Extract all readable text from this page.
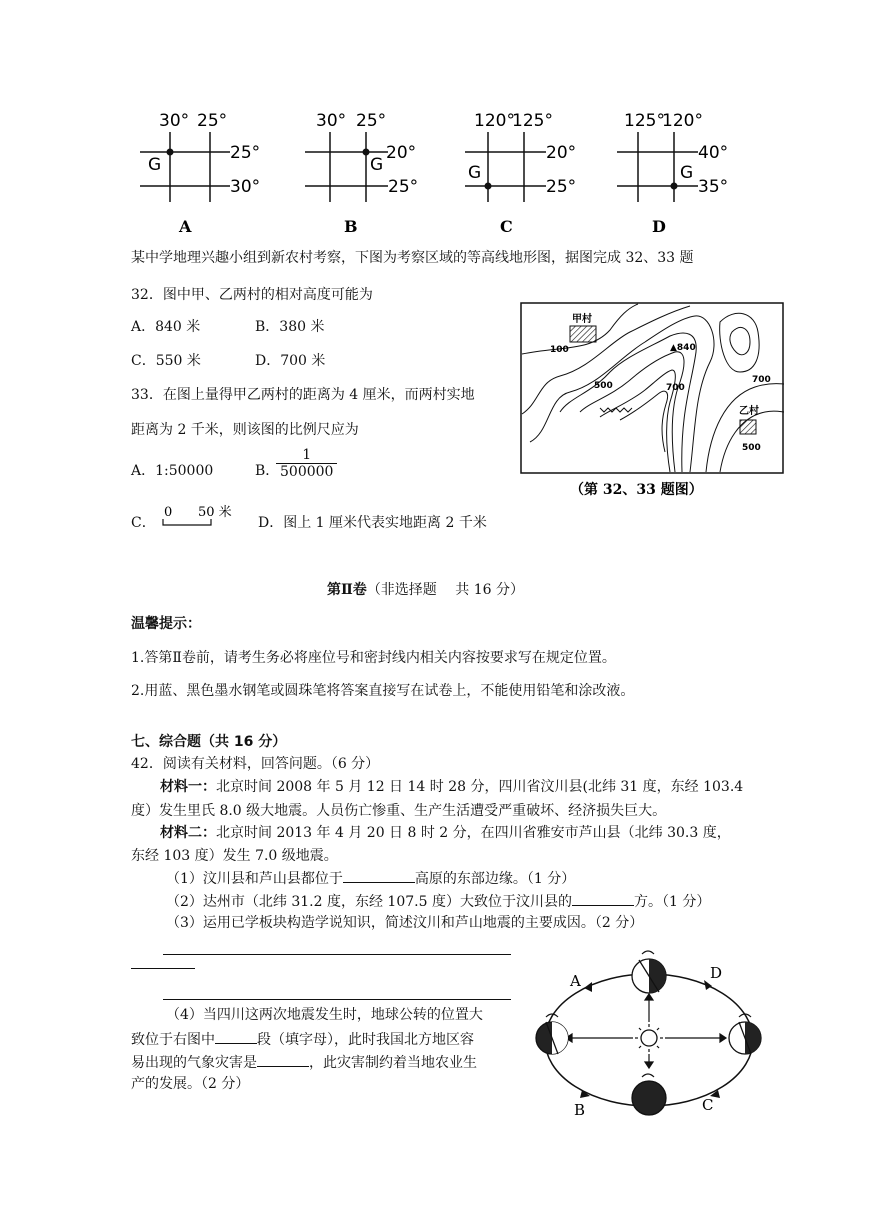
30° 25°
G
25°
30°
A
30° 25°
G
20°
25°
B
120°
125°
G
20°
25°
C
125°
120°
G
40°
35°
D
某中学地理兴趣小组到新农村考察，下图为考察区域的等高线地形图，据图完成 32、33 题
32．图中甲、乙两村的相对高度可能为
A．840 米	B．380 米
C．550 米	D．700 米
33．在图上量得甲乙两村的距离为 4 厘米，而两村实地
距离为 2 千米，则该图的比例尺应为
A．1:50000	B．
$\frac{1}{500000}$
C．
0 50 米
D．图上 1 厘米代表实地距离 2 千米
甲村
乙村
100	▲840
500	700
700
500
（第 32、33 题图）
第Ⅱ卷（非选择题　 共 16 分）
温馨提示：
1.答第Ⅱ卷前，请考生务必将座位号和密封线内相关内容按要求写在规定位置。
2.用蓝、黑色墨水钢笔或圆珠笔将答案直接写在试卷上，不能使用铅笔和涂改液。
七、综合题（共 16 分）
42．阅读有关材料，回答问题。（6 分）
材料一：北京时间 2008 年 5 月 12 日 14 时 28 分，四川省汶川县(北纬 31 度，东经 103.4
度）发生里氏 8.0 级大地震。人员伤亡惨重、生产生活遭受严重破坏、经济损失巨大。
材料二：北京时间 2013 年 4 月 20 日 8 时 2 分，在四川省雅安市芦山县（北纬 30.3 度，
东经 103 度）发生 7.0 级地震。
（1）汶川县和芦山县都位于	高原的东部边缘。（1 分）
（2）达州市（北纬 31.2 度，东经 107.5 度）大致位于汶川县的	方。（1 分）
（3）运用已学板块构造学说知识，简述汶川和芦山地震的主要成因。（2 分）
（4）当四川这两次地震发生时，地球公转的位置大
致位于右图中	段（填字母），此时我国北方地区容
易出现的气象灾害是	，此灾害制约着当地农业生
产的发展。（2 分）
A	D
B	C
